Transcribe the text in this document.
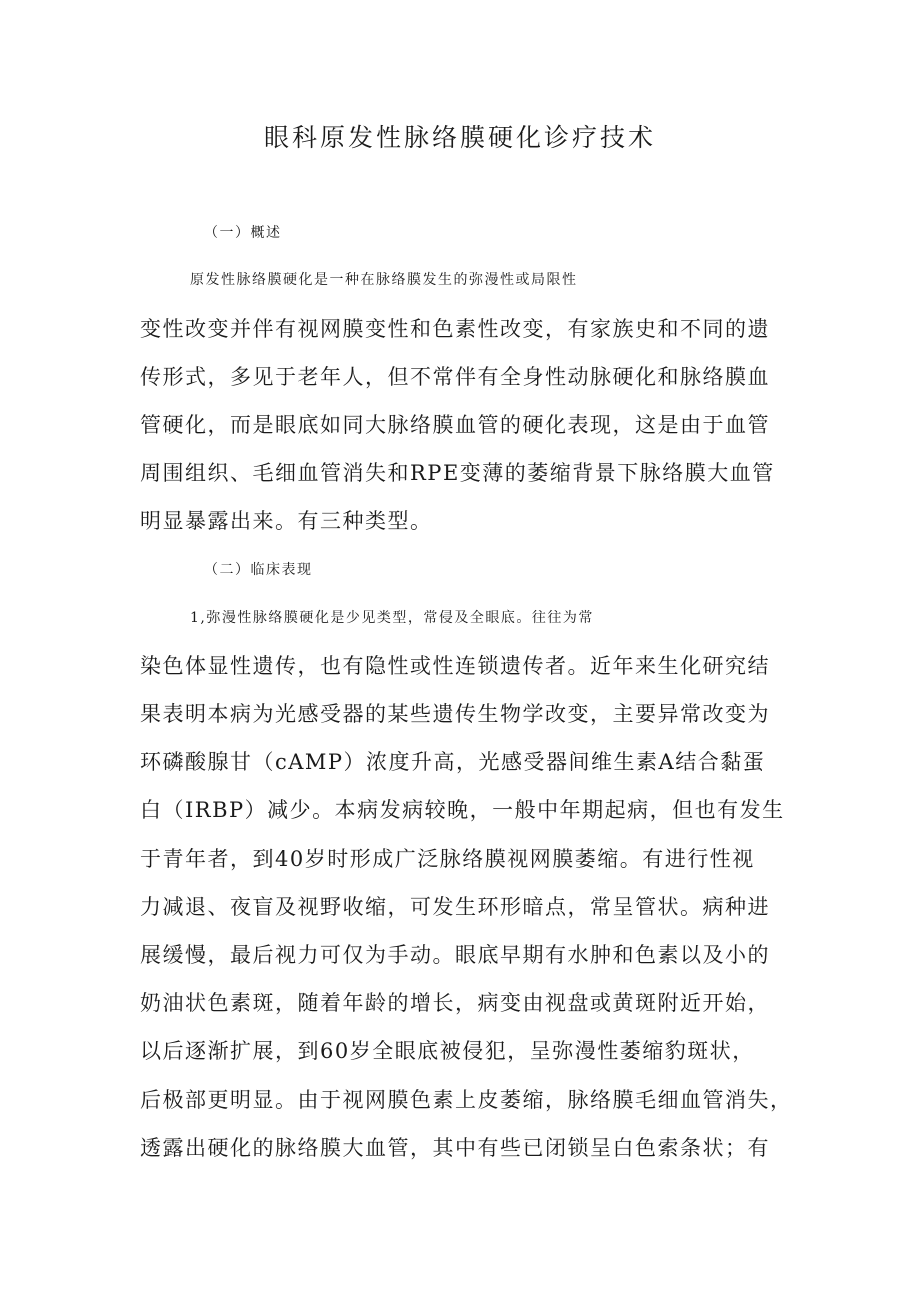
眼科原发性脉络膜硬化诊疗技术
（一）概述
原发性脉络膜硬化是一种在脉络膜发生的弥漫性或局限性
变性改变并伴有视网膜变性和色素性改变，有家族史和不同的遗
传形式，多见于老年人，但不常伴有全身性动脉硬化和脉络膜血
管硬化，而是眼底如同大脉络膜血管的硬化表现，这是由于血管
周围组织、毛细血管消失和RPE变薄的萎缩背景下脉络膜大血管
明显暴露出来。有三种类型。
（二）临床表现
1,弥漫性脉络膜硬化是少见类型，常侵及全眼底。往往为常
染色体显性遗传，也有隐性或性连锁遗传者。近年来生化研究结
果表明本病为光感受器的某些遗传生物学改变，主要异常改变为
环磷酸腺甘（cAMP）浓度升高，光感受器间维生素A结合黏蛋
白（IRBP）减少。本病发病较晚，一般中年期起病，但也有发生
于青年者，到40岁时形成广泛脉络膜视网膜萎缩。有进行性视
力减退、夜盲及视野收缩，可发生环形暗点，常呈管状。病种进
展缓慢，最后视力可仅为手动。眼底早期有水肿和色素以及小的
奶油状色素斑，随着年龄的增长，病变由视盘或黄斑附近开始，
以后逐渐扩展，到60岁全眼底被侵犯，呈弥漫性萎缩豹斑状，
后极部更明显。由于视网膜色素上皮萎缩，脉络膜毛细血管消失，
透露出硬化的脉络膜大血管，其中有些已闭锁呈白色索条状；有
